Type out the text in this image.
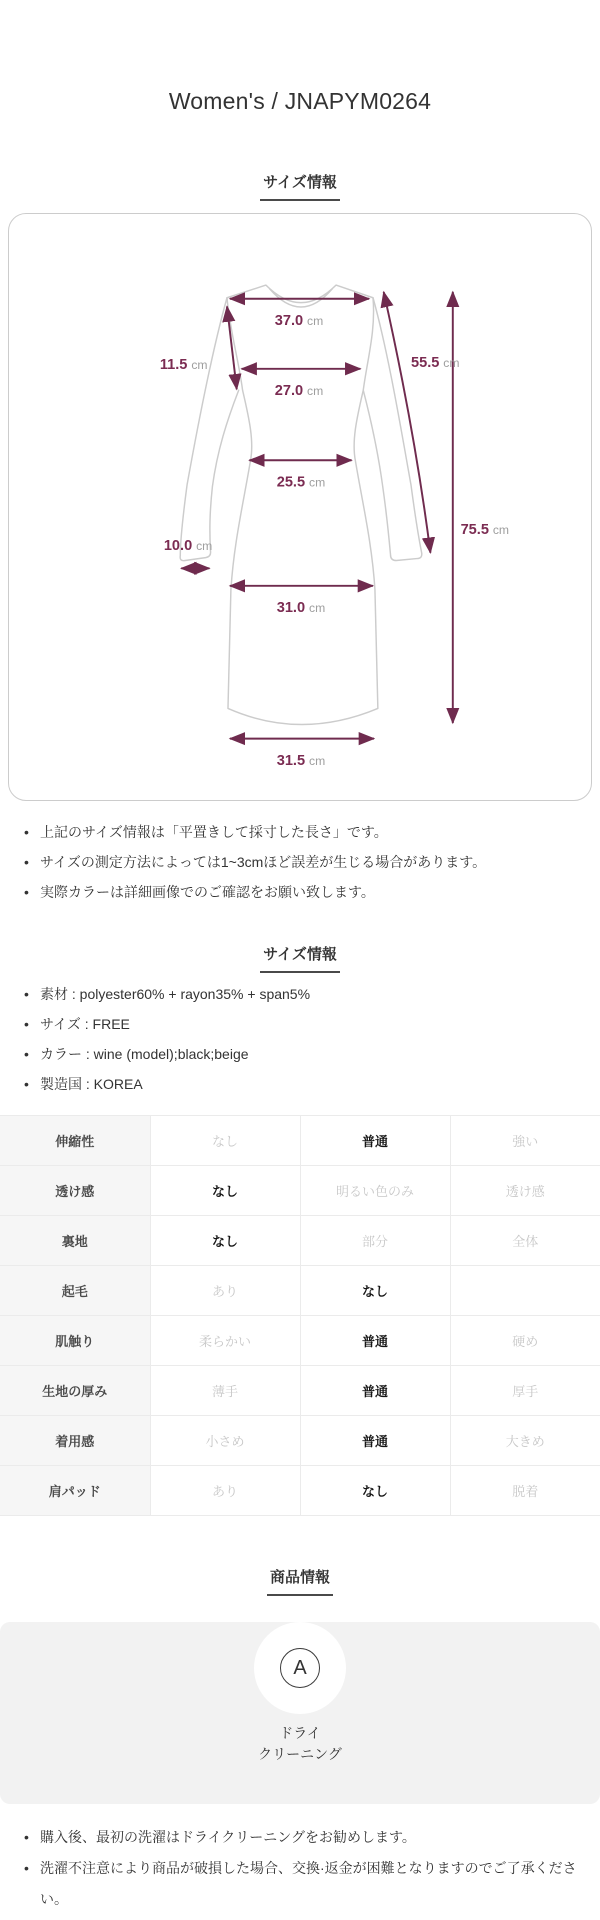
Women's / JNAPYM0264
サイズ情報
37.0 cm
11.5 cm
27.0 cm
55.5 cm
25.5 cm
10.0 cm
31.0 cm
75.5 cm
31.5 cm
• 上記のサイズ情報は「平置きして採寸した長さ」です。
• サイズの測定方法によっては1~3cmほど誤差が生じる場合があります。
• 実際カラーは詳細画像でのご確認をお願い致します。
サイズ情報
• 素材 : polyester60% + rayon35% + span5%
• サイズ : FREE
• カラー : wine (model);black;beige
• 製造国 : KOREA
伸縮性	なし	普通	強い
透け感	なし	明るい色のみ	透け感
裏地	なし	部分	全体
起毛	あり	なし	
肌触り	柔らかい	普通	硬め
生地の厚み	薄手	普通	厚手
着用感	小さめ	普通	大きめ
肩パッド	あり	なし	脱着
商品情報
A
ドライ
クリーニング
• 購入後、最初の洗濯はドライクリーニングをお勧めします。
• 洗濯不注意により商品が破損した場合、交換·返金が困難となりますのでご了承ください。
